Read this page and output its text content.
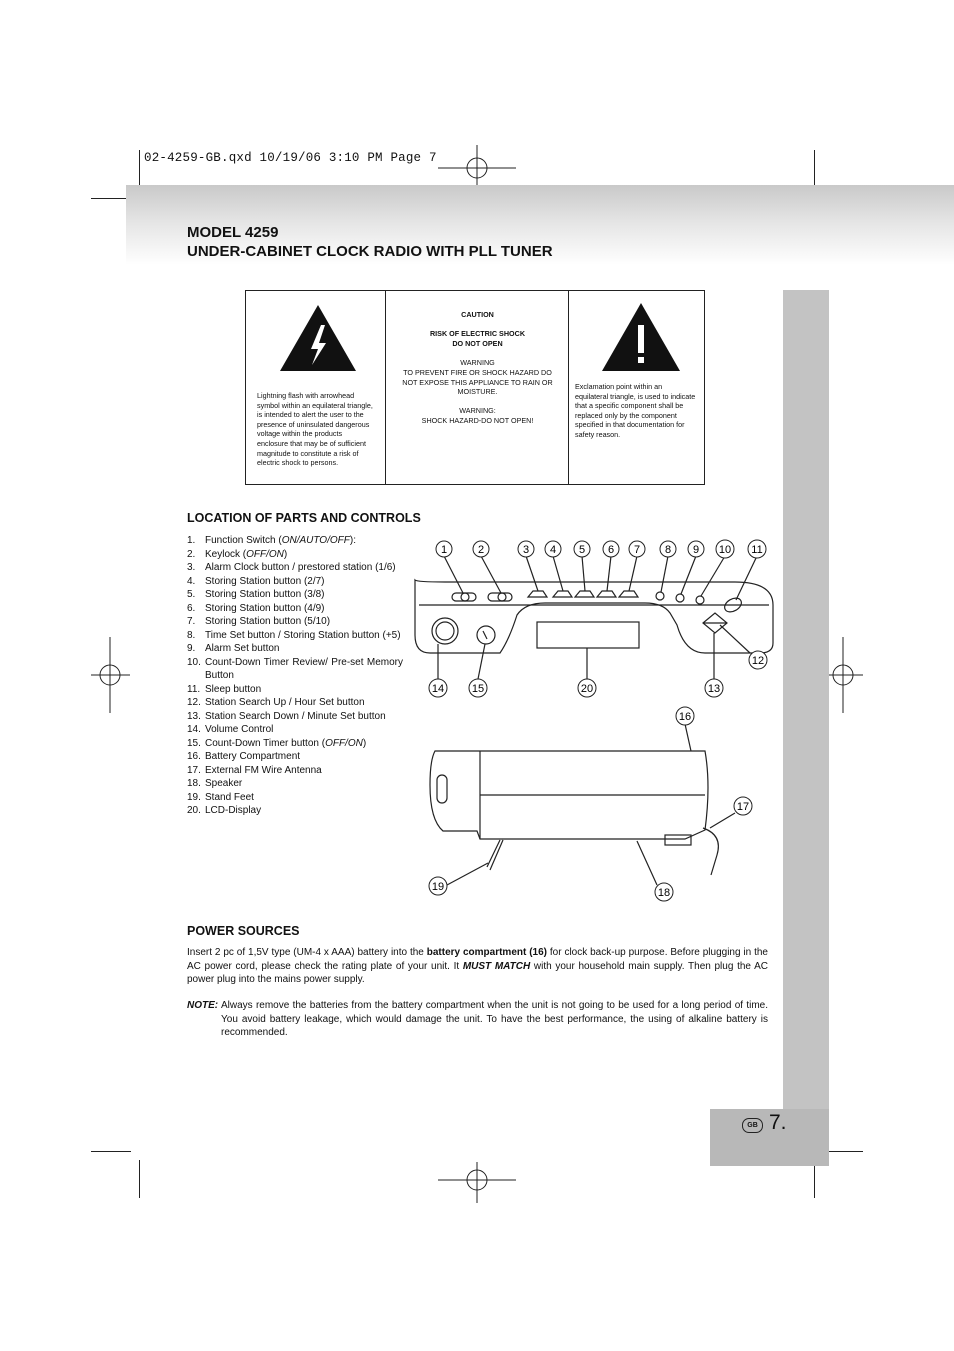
02-4259-GB.qxd 10/19/06 3:10 PM Page 7
MODEL 4259
UNDER-CABINET CLOCK RADIO WITH PLL TUNER
Lightning flash with arrowhead symbol within an equilateral triangle, is intended to alert the user to the presence of uninsulated dangerous voltage within the products enclosure that may be of sufficient magnitude to constitute a risk of electric shock to persons.
CAUTION
RISK OF ELECTRIC SHOCK
DO NOT OPEN
WARNING
TO PREVENT FIRE OR SHOCK HAZARD DO NOT EXPOSE THIS APPLIANCE TO RAIN OR MOISTURE.
WARNING:
SHOCK HAZARD-DO NOT OPEN!
Exclamation point within an equilateral triangle, is used to indicate that a specific component shall be replaced only by the component specified in that documentation for safety reason.
LOCATION OF PARTS AND CONTROLS
1. Function Switch (ON/AUTO/OFF):
2. Keylock (OFF/ON)
3. Alarm Clock button / prestored station (1/6)
4. Storing Station button (2/7)
5. Storing Station button (3/8)
6. Storing Station button (4/9)
7. Storing Station button (5/10)
8. Time Set button / Storing Station button (+5)
9. Alarm Set button
10. Count-Down Timer Review/ Pre-set Memory Button
11. Sleep button
12. Station Search Up / Hour Set button
13. Station Search Down / Minute Set button
14. Volume Control
15. Count-Down Timer button (OFF/ON)
16. Battery Compartment
17. External FM Wire Antenna
18. Speaker
19. Stand Feet
20. LCD-Display
1	2	3 4 5 6 7 8 9 10 11
12
13
14	15	20
16
17
19	18
POWER SOURCES
Insert 2 pc of 1,5V type (UM-4 x AAA) battery into the battery compartment (16) for clock back-up purpose. Before plugging in the AC power cord, please check the rating plate of your unit. It MUST MATCH with your household main supply. Then plug the AC power plug into the mains power supply.
NOTE: Always remove the batteries from the battery compartment when the unit is not going to be used for a long period of time. You avoid battery leakage, which would damage the unit. To have the best performance, the using of alkaline battery is recommended.
GB 7.
